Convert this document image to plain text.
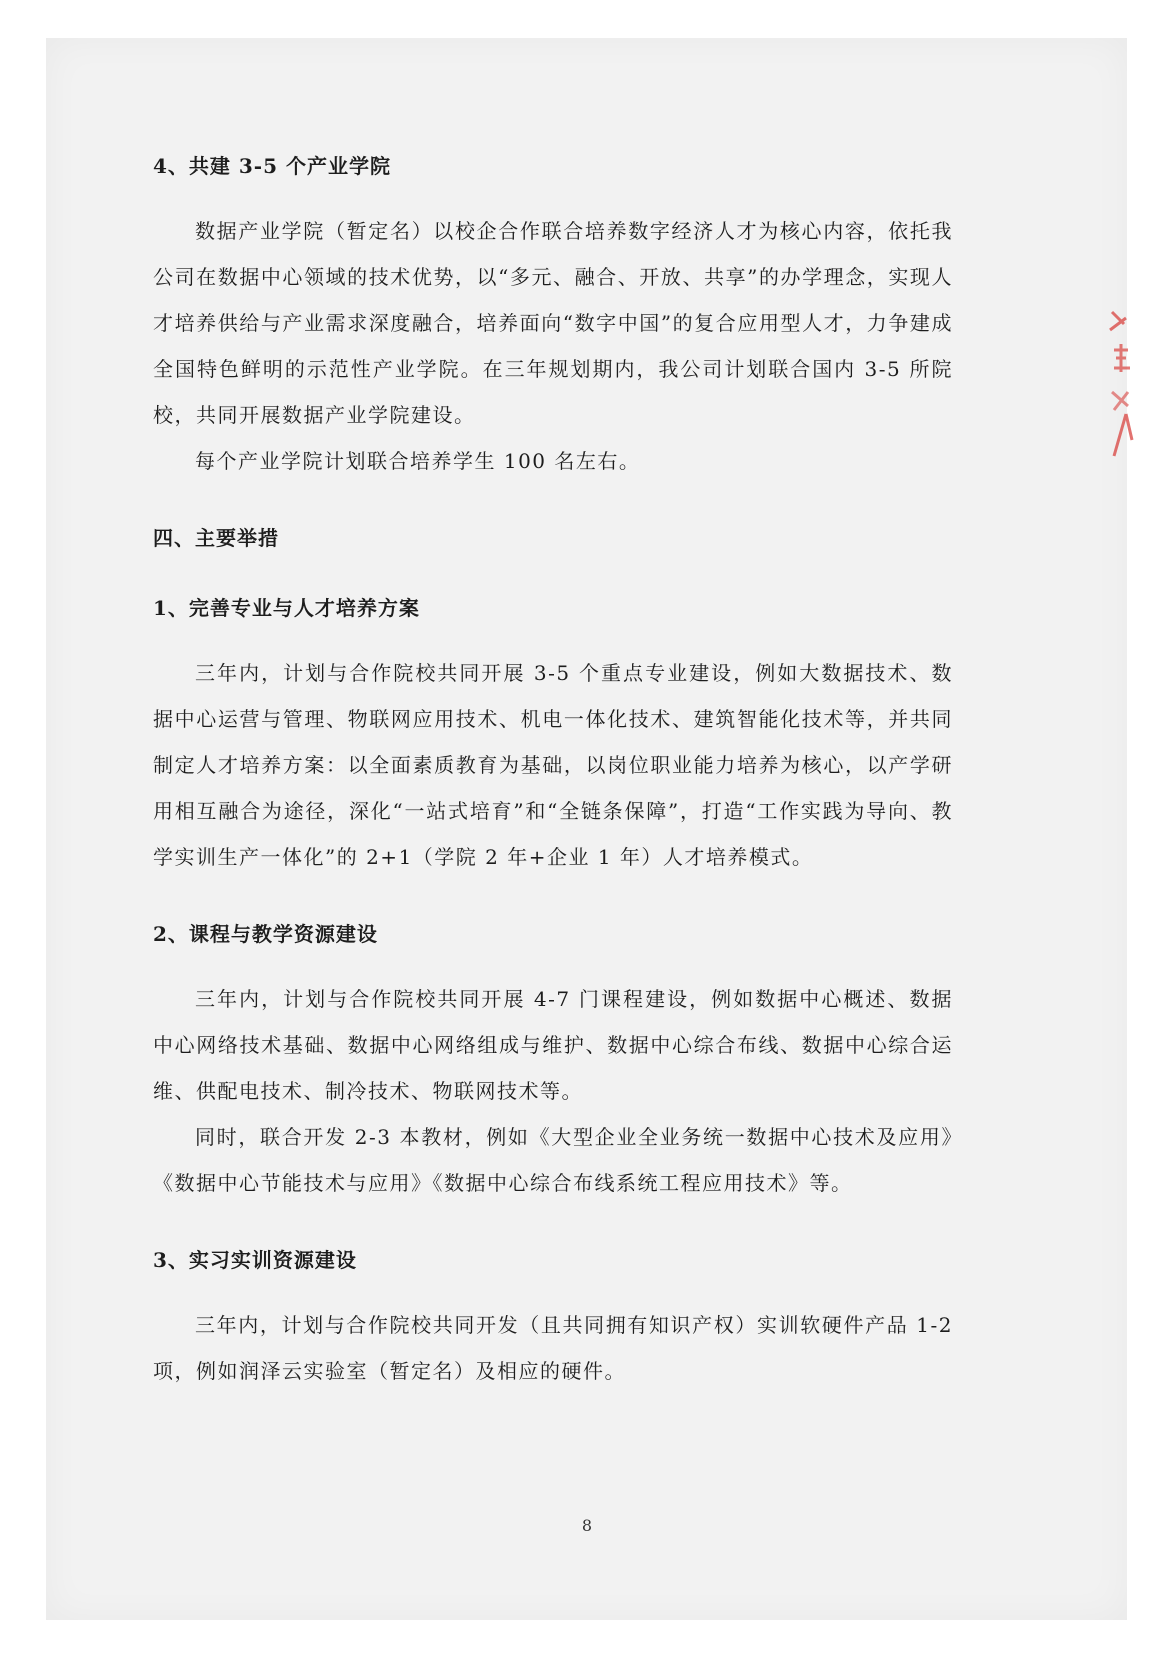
4、共建 3-5 个产业学院

数据产业学院（暂定名）以校企合作联合培养数字经济人才为核心内容，依托我公司在数据中心领域的技术优势，以“多元、融合、开放、共享”的办学理念，实现人才培养供给与产业需求深度融合，培养面向“数字中国”的复合应用型人才，力争建成全国特色鲜明的示范性产业学院。在三年规划期内，我公司计划联合国内 3-5 所院校，共同开展数据产业学院建设。

每个产业学院计划联合培养学生 100 名左右。

四、主要举措
1、完善专业与人才培养方案

三年内，计划与合作院校共同开展 3-5 个重点专业建设，例如大数据技术、数据中心运营与管理、物联网应用技术、机电一体化技术、建筑智能化技术等，并共同制定人才培养方案：以全面素质教育为基础，以岗位职业能力培养为核心，以产学研用相互融合为途径，深化“一站式培育”和“全链条保障”，打造“工作实践为导向、教学实训生产一体化”的 2+1（学院 2 年+企业 1 年）人才培养模式。

2、课程与教学资源建设

三年内，计划与合作院校共同开展 4-7 门课程建设，例如数据中心概述、数据中心网络技术基础、数据中心网络组成与维护、数据中心综合布线、数据中心综合运维、供配电技术、制冷技术、物联网技术等。

同时，联合开发 2-3 本教材，例如《大型企业全业务统一数据中心技术及应用》《数据中心节能技术与应用》《数据中心综合布线系统工程应用技术》等。

3、实习实训资源建设

三年内，计划与合作院校共同开发（且共同拥有知识产权）实训软硬件产品 1-2 项，例如润泽云实验室（暂定名）及相应的硬件。

8
